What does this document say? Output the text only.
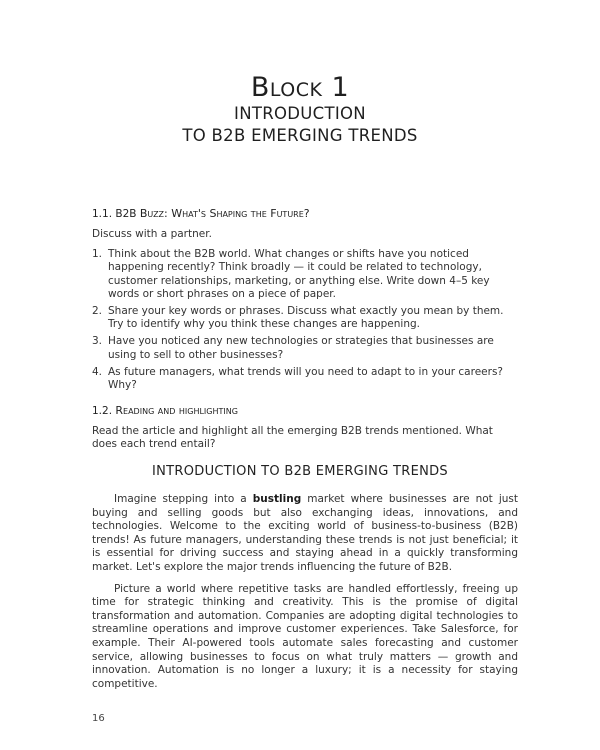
Block 1
INTRODUCTION
TO B2B EMERGING TRENDS
1.1. B2B Buzz: What's Shaping the Future?
Discuss with a partner.
1. Think about the B2B world. What changes or shifts have you noticed happening recently? Think broadly — it could be related to technology, customer relationships, marketing, or anything else. Write down 4–5 key words or short phrases on a piece of paper.
2. Share your key words or phrases. Discuss what exactly you mean by them. Try to identify why you think these changes are happening.
3. Have you noticed any new technologies or strategies that businesses are using to sell to other businesses?
4. As future managers, what trends will you need to adapt to in your careers? Why?
1.2. Reading and highlighting
Read the article and highlight all the emerging B2B trends mentioned. What does each trend entail?
INTRODUCTION TO B2B EMERGING TRENDS

Imagine stepping into a bustling market where businesses are not just buying and selling goods but also exchanging ideas, innovations, and technologies. Welcome to the exciting world of business-to-business (B2B) trends! As future managers, understanding these trends is not just beneficial; it is essential for driving success and staying ahead in a quickly transforming market. Let's explore the major trends influencing the future of B2B.

Picture a world where repetitive tasks are handled effortlessly, freeing up time for strategic thinking and creativity. This is the promise of digital transformation and automation. Companies are adopting digital technologies to streamline operations and improve customer experiences. Take Salesforce, for example. Their AI-powered tools automate sales forecasting and customer service, allowing businesses to focus on what truly matters — growth and innovation. Automation is no longer a luxury; it is a necessity for staying competitive.

16
